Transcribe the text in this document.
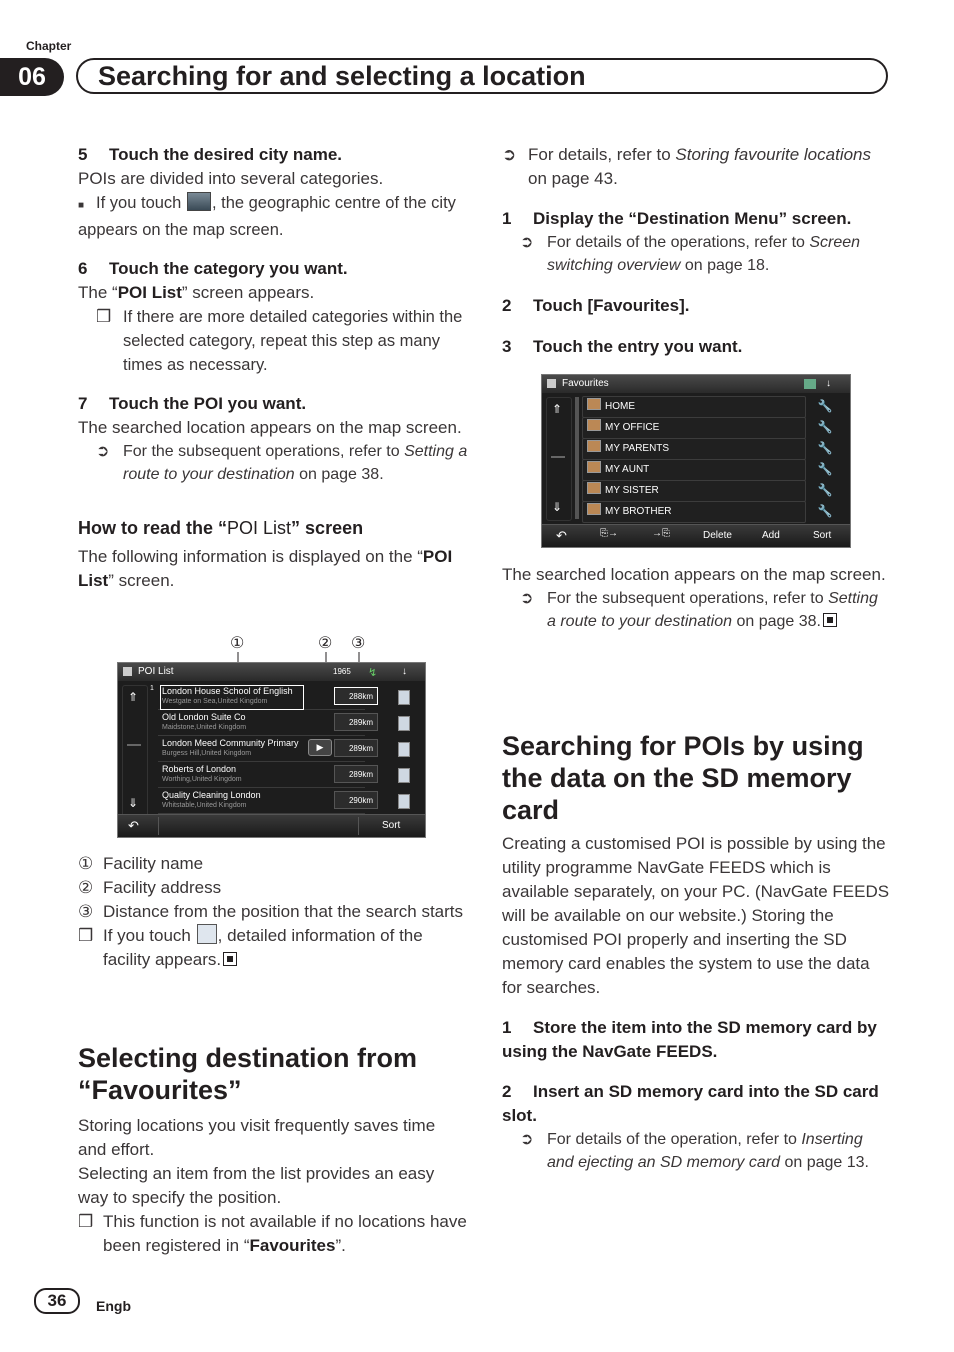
Chapter
06	Searching for and selecting a location

5 Touch the desired city name.

POIs are divided into several categories.

■ If you touch , the geographic centre of the city appears on the map screen.

6 Touch the category you want.

The “POI List” screen appears.

❒ If there are more detailed categories within the selected category, repeat this step as many times as necessary.

7 Touch the POI you want.

The searched location appears on the map screen.

➲ For the subsequent operations, refer to Setting a route to your destination on page 38.

How to read the “POI List” screen

The following information is displayed on the “POI List” screen.

①	② ③
POI List	1965 ↯ ↓
⇑
⇓
1 London House School of English
Westgate on Sea,United Kingdom
288km
Old London Suite Co
Maidstone,United Kingdom
289km
London Meed Community Primary
Burgess Hill,United Kingdom
▶	289km
Roberts of London
Worthing,United Kingdom
289km
Quality Cleaning London
Whitstable,United Kingdom
290km
↶	Sort
① Facility name
② Facility address
③ Distance from the position that the search starts
❒ If you touch , detailed information of the facility appears.

Selecting destination from “Favourites”

Storing locations you visit frequently saves time and effort.

Selecting an item from the list provides an easy way to specify the position.

❒ This function is not available if no locations have been registered in “Favourites”.
➲ For details, refer to Storing favourite locations on page 43.

1 Display the “Destination Menu” screen.

➲ For details of the operations, refer to Screen switching overview on page 18.

2 Touch [Favourites].

3 Touch the entry you want.

Favourites	↓
⇑
⇓
HOME	🔧
MY OFFICE	🔧
MY PARENTS	🔧
MY AUNT	🔧
MY SISTER	🔧
MY BROTHER	🔧
↶	⎘→	→⎘	Delete	Add	Sort

The searched location appears on the map screen.

➲ For the subsequent operations, refer to Setting a route to your destination on page 38.

Searching for POIs by using the data on the SD memory card

Creating a customised POI is possible by using the utility programme NavGate FEEDS which is available separately, on your PC. (NavGate FEEDS will be available on our website.) Storing the customised POI properly and inserting the SD memory card enables the system to use the data for searches.

1 Store the item into the SD memory card by using the NavGate FEEDS.

2 Insert an SD memory card into the SD card slot.

➲ For details of the operation, refer to Inserting and ejecting an SD memory card on page 13.
36	Engb
